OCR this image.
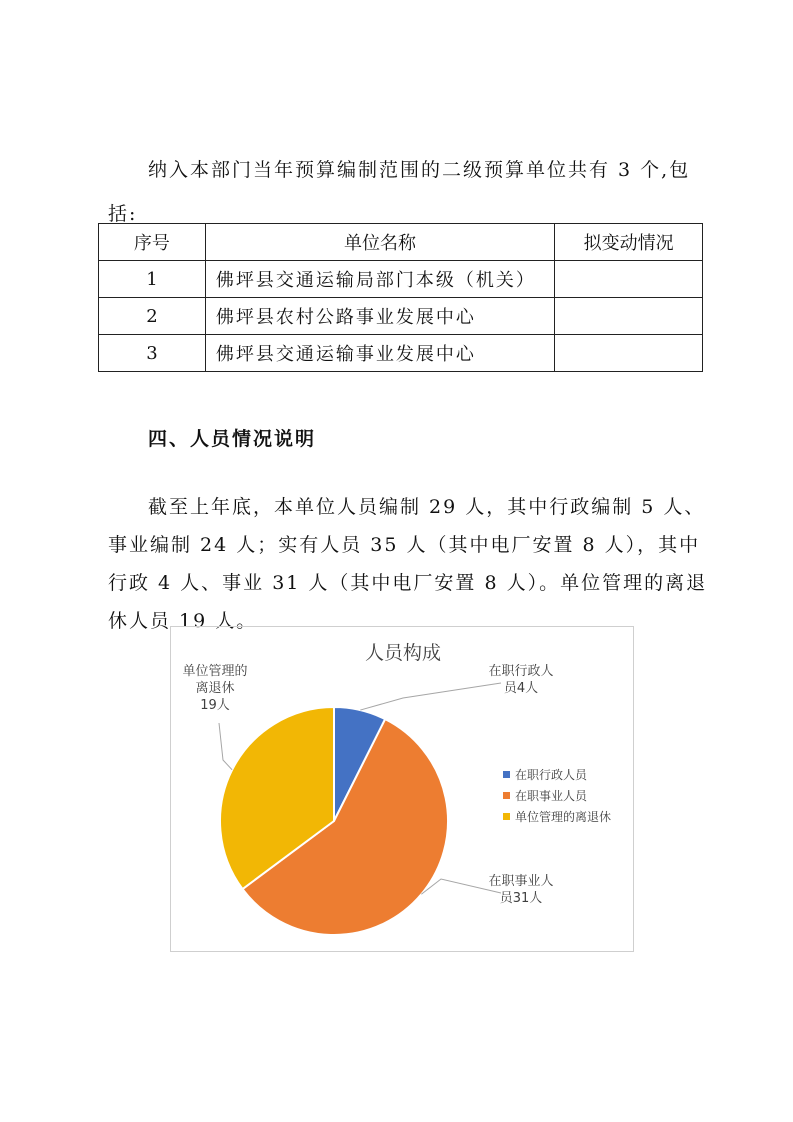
纳入本部门当年预算编制范围的二级预算单位共有 3 个,包括:

序号	单位名称	拟变动情况
1	佛坪县交通运输局部门本级（机关）	
2	佛坪县农村公路事业发展中心	
3	佛坪县交通运输事业发展中心	
四、人员情况说明

截至上年底，本单位人员编制 29 人，其中行政编制 5 人、事业编制 24 人；实有人员 35 人（其中电厂安置 8 人），其中行政 4 人、事业 31 人（其中电厂安置 8 人）。单位管理的离退休人员 19 人。

人员构成
在职行政人
员4人
在职事业人
员31人
单位管理的
离退休
19人
在职行政人员
在职事业人员
单位管理的离退休
